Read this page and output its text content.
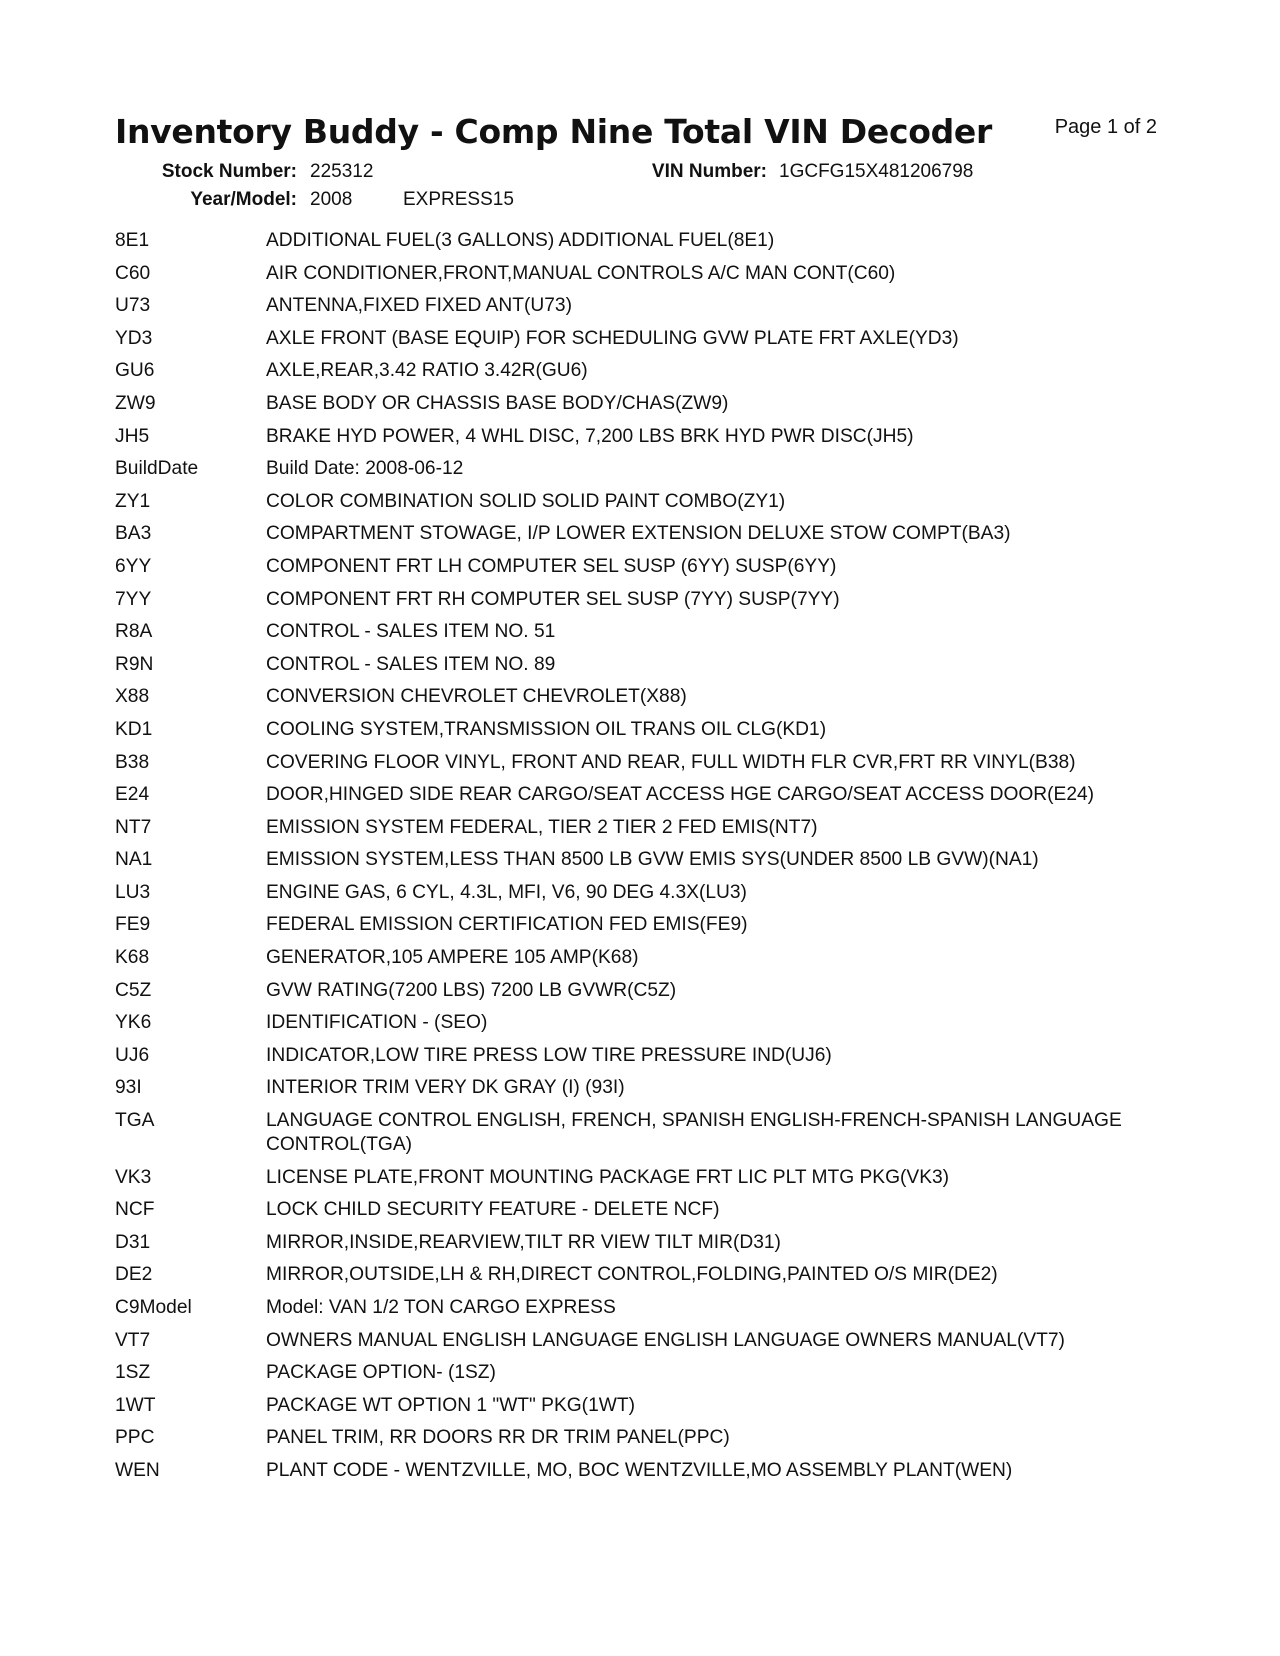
Inventory Buddy - Comp Nine Total VIN Decoder	Page 1 of 2
Stock Number: 225312	VIN Number: 1GCFG15X481206798
Year/Model: 2008	EXPRESS15
8E1	ADDITIONAL FUEL(3 GALLONS) ADDITIONAL FUEL(8E1)
C60	AIR CONDITIONER,FRONT,MANUAL CONTROLS A/C MAN CONT(C60)
U73	ANTENNA,FIXED FIXED ANT(U73)
YD3	AXLE FRONT (BASE EQUIP) FOR SCHEDULING GVW PLATE FRT AXLE(YD3)
GU6	AXLE,REAR,3.42 RATIO 3.42R(GU6)
ZW9	BASE BODY OR CHASSIS BASE BODY/CHAS(ZW9)
JH5	BRAKE HYD POWER, 4 WHL DISC, 7,200 LBS BRK HYD PWR DISC(JH5)
BuildDate	Build Date: 2008-06-12
ZY1	COLOR COMBINATION SOLID SOLID PAINT COMBO(ZY1)
BA3	COMPARTMENT STOWAGE, I/P LOWER EXTENSION DELUXE STOW COMPT(BA3)
6YY	COMPONENT FRT LH COMPUTER SEL SUSP (6YY) SUSP(6YY)
7YY	COMPONENT FRT RH COMPUTER SEL SUSP (7YY) SUSP(7YY)
R8A	CONTROL - SALES ITEM NO. 51
R9N	CONTROL - SALES ITEM NO. 89
X88	CONVERSION CHEVROLET CHEVROLET(X88)
KD1	COOLING SYSTEM,TRANSMISSION OIL TRANS OIL CLG(KD1)
B38	COVERING FLOOR VINYL, FRONT AND REAR, FULL WIDTH FLR CVR,FRT RR VINYL(B38)
E24	DOOR,HINGED SIDE REAR CARGO/SEAT ACCESS HGE CARGO/SEAT ACCESS DOOR(E24)
NT7	EMISSION SYSTEM FEDERAL, TIER 2 TIER 2 FED EMIS(NT7)
NA1	EMISSION SYSTEM,LESS THAN 8500 LB GVW EMIS SYS(UNDER 8500 LB GVW)(NA1)
LU3	ENGINE GAS, 6 CYL, 4.3L, MFI, V6, 90 DEG 4.3X(LU3)
FE9	FEDERAL EMISSION CERTIFICATION FED EMIS(FE9)
K68	GENERATOR,105 AMPERE 105 AMP(K68)
C5Z	GVW RATING(7200 LBS) 7200 LB GVWR(C5Z)
YK6	IDENTIFICATION - (SEO)
UJ6	INDICATOR,LOW TIRE PRESS LOW TIRE PRESSURE IND(UJ6)
93I	INTERIOR TRIM VERY DK GRAY (I) (93I)
TGA	LANGUAGE CONTROL ENGLISH, FRENCH, SPANISH ENGLISH-FRENCH-SPANISH LANGUAGE CONTROL(TGA)
VK3	LICENSE PLATE,FRONT MOUNTING PACKAGE FRT LIC PLT MTG PKG(VK3)
NCF	LOCK CHILD SECURITY FEATURE - DELETE NCF)
D31	MIRROR,INSIDE,REARVIEW,TILT RR VIEW TILT MIR(D31)
DE2	MIRROR,OUTSIDE,LH & RH,DIRECT CONTROL,FOLDING,PAINTED O/S MIR(DE2)
C9Model	Model: VAN 1/2 TON CARGO EXPRESS
VT7	OWNERS MANUAL ENGLISH LANGUAGE ENGLISH LANGUAGE OWNERS MANUAL(VT7)
1SZ	PACKAGE OPTION- (1SZ)
1WT	PACKAGE WT OPTION 1 "WT" PKG(1WT)
PPC	PANEL TRIM, RR DOORS RR DR TRIM PANEL(PPC)
WEN	PLANT CODE - WENTZVILLE, MO, BOC WENTZVILLE,MO ASSEMBLY PLANT(WEN)
